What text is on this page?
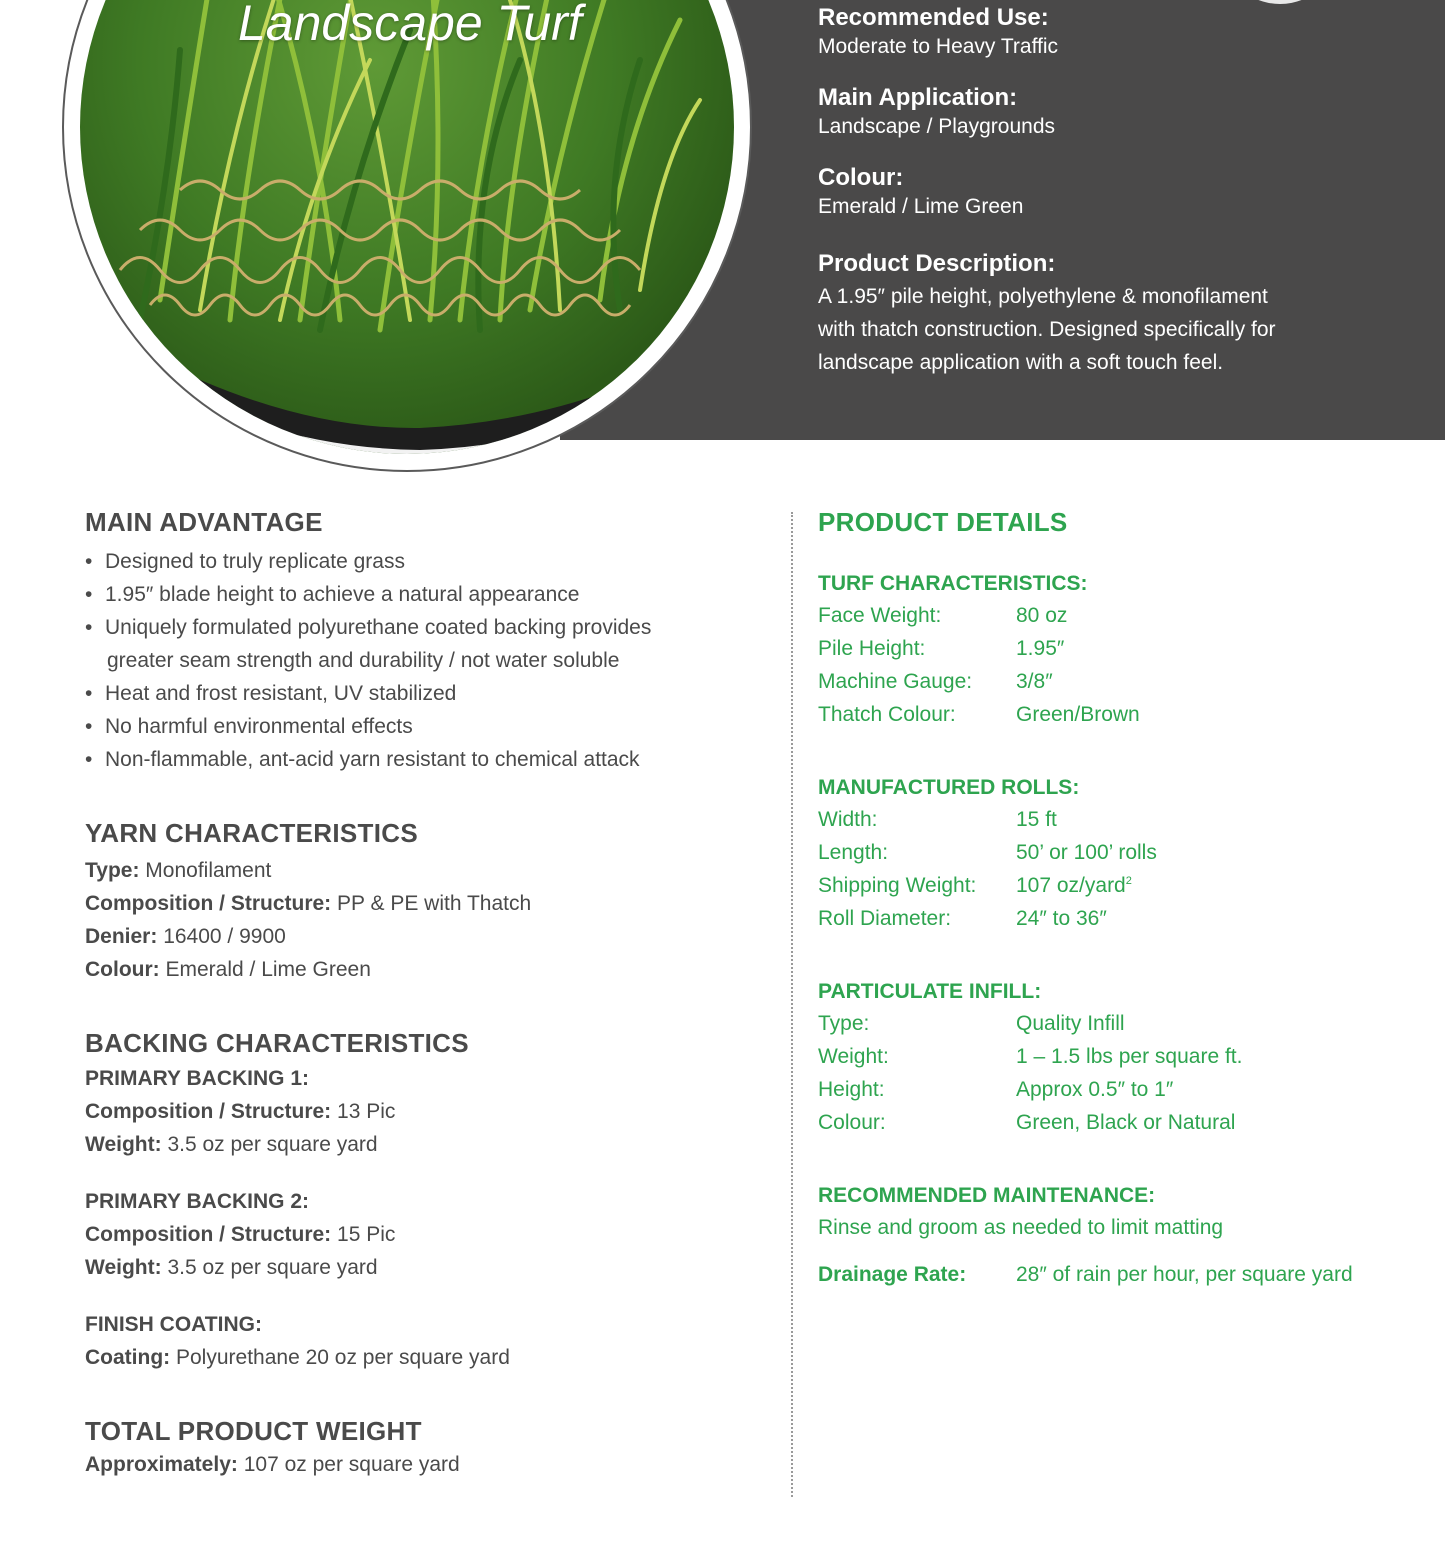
Landscape Turf	Recommended Use:

Moderate to Heavy Traffic

Main Application:

Landscape / Playgrounds

Colour:

Emerald / Lime Green

Product Description:

A 1.95″ pile height, polyethylene & monofilament
with thatch construction. Designed specifically for
landscape application with a soft touch feel.
MAIN ADVANTAGE
• Designed to truly replicate grass
• 1.95″ blade height to achieve a natural appearance
• Uniquely formulated polyurethane coated backing provides
greater seam strength and durability / not water soluble
• Heat and frost resistant, UV stabilized
• No harmful environmental effects
• Non-flammable, ant-acid yarn resistant to chemical attack
YARN CHARACTERISTICS

Type: Monofilament

Composition / Structure: PP & PE with Thatch

Denier: 16400 / 9900

Colour: Emerald / Lime Green

BACKING CHARACTERISTICS

PRIMARY BACKING 1:

Composition / Structure: 13 Pic

Weight: 3.5 oz per square yard

PRIMARY BACKING 2:

Composition / Structure: 15 Pic

Weight: 3.5 oz per square yard

FINISH COATING:

Coating: Polyurethane 20 oz per square yard

TOTAL PRODUCT WEIGHT

Approximately: 107 oz per square yard

PRODUCT DETAILS

TURF CHARACTERISTICS:

Face Weight:	80 oz
Pile Height:	1.95″
Machine Gauge:	3/8″
Thatch Colour:	Green/Brown

MANUFACTURED ROLLS:

Width:	15 ft
Length:	50’ or 100’ rolls
Shipping Weight:	107 oz/yard$^2$
Roll Diameter:	24″ to 36″

PARTICULATE INFILL:

Type:	Quality Infill
Weight:	1 – 1.5 lbs per square ft.
Height:	Approx 0.5″ to 1″
Colour:	Green, Black or Natural

RECOMMENDED MAINTENANCE:

Rinse and groom as needed to limit matting

Drainage Rate:	28″ of rain per hour, per square yard
